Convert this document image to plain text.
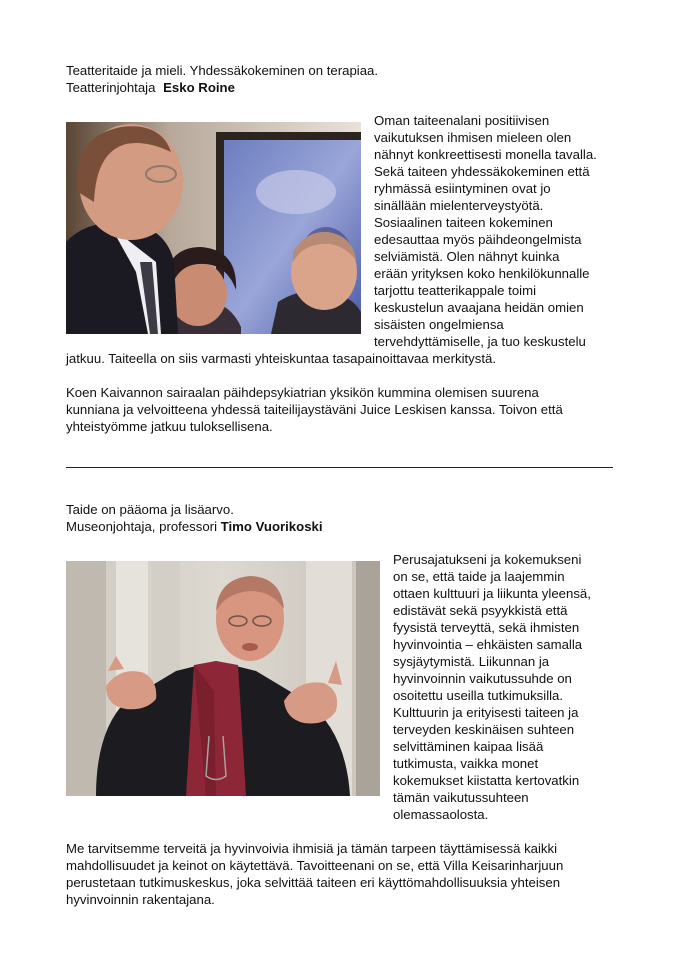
Teatteritaide ja mieli. Yhdessäkokeminen on terapiaa.
Teatterinjohtaja Esko Roine
Oman taiteenalani positiivisen
vaikutuksen ihmisen mieleen olen
nähnyt konkreettisesti monella tavalla.
Sekä taiteen yhdessäkokeminen että
ryhmässä esiintyminen ovat jo
sinällään mielenterveystyötä.
Sosiaalinen taiteen kokeminen
edesauttaa myös päihdeongelmista
selviämistä. Olen nähnyt kuinka
erään yrityksen koko henkilökunnalle
tarjottu teatterikappale toimi
keskustelun avaajana heidän omien
sisäisten ongelmiensa
tervehdyttämiselle, ja tuo keskustelu
jatkuu. Taiteella on siis varmasti yhteiskuntaa tasapainoittavaa merkitystä.
Koen Kaivannon sairaalan päihdepsykiatrian yksikön kummina olemisen suurena
kunniana ja velvoitteena yhdessä taiteilijaystäväni Juice Leskisen kanssa. Toivon että
yhteistyömme jatkuu tuloksellisena.
Taide on pääoma ja lisäarvo.
Museonjohtaja, professori Timo Vuorikoski
Perusajatukseni ja kokemukseni
on se, että taide ja laajemmin
ottaen kulttuuri ja liikunta yleensä,
edistävät sekä psyykkistä että
fyysistä terveyttä, sekä ihmisten
hyvinvointia – ehkäisten samalla
sysjäytymistä. Liikunnan ja
hyvinvoinnin vaikutussuhde on
osoitettu useilla tutkimuksilla.
Kulttuurin ja erityisesti taiteen ja
terveyden keskinäisen suhteen
selvittäminen kaipaa lisää
tutkimusta, vaikka monet
kokemukset kiistatta kertovatkin
tämän vaikutussuhteen
olemassaolosta.
Me tarvitsemme terveitä ja hyvinvoivia ihmisiä ja tämän tarpeen täyttämisessä kaikki
mahdollisuudet ja keinot on käytettävä. Tavoitteenani on se, että Villa Keisarinharjuun
perustetaan tutkimuskeskus, joka selvittää taiteen eri käyttömahdollisuuksia yhteisen
hyvinvoinnin rakentajana.
